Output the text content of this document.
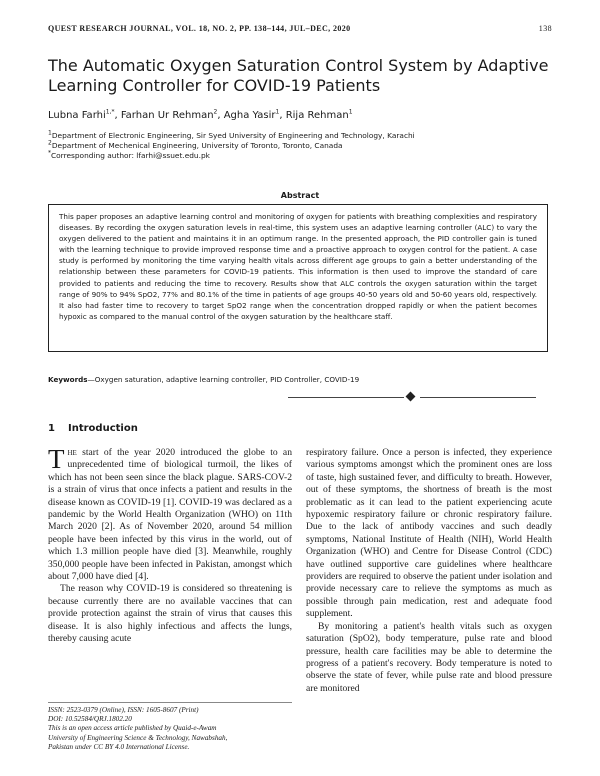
QUEST RESEARCH JOURNAL, VOL. 18, NO. 2, PP. 138–144, JUL–DEC, 2020	138
The Automatic Oxygen Saturation Control System by Adaptive Learning Controller for COVID-19 Patients
Lubna Farhi$^{1,*}$, Farhan Ur Rehman$^2$, Agha Yasir$^1$, Rija Rehman$^1$
$^1$Department of Electronic Engineering, Sir Syed University of Engineering and Technology, Karachi
$^2$Department of Mechenical Engineering, University of Toronto, Toronto, Canada
*Corresponding author: lfarhi@ssuet.edu.pk
Abstract
This paper proposes an adaptive learning control and monitoring of oxygen for patients with breathing complexities and respiratory diseases. By recording the oxygen saturation levels in real-time, this system uses an adaptive learning controller (ALC) to vary the oxygen delivered to the patient and maintains it in an optimum range. In the presented approach, the PID controller gain is tuned with the learning technique to provide improved response time and a proactive approach to oxygen control for the patient. A case study is performed by monitoring the time varying health vitals across different age groups to gain a better understanding of the relationship between these parameters for COVID-19 patients. This information is then used to improve the standard of care provided to patients and reducing the time to recovery. Results show that ALC controls the oxygen saturation within the target range of 90% to 94% SpO2, 77% and 80.1% of the time in patients of age groups 40-50 years old and 50-60 years old, respectively. It also had faster time to recovery to target SpO2 range when the concentration dropped rapidly or when the patient becomes hypoxic as compared to the manual control of the oxygen saturation by the healthcare staff.
Keywords—Oxygen saturation, adaptive learning controller, PID Controller, COVID-19
1 Introduction

The start of the year 2020 introduced the globe to an unprecedented time of biological turmoil, the likes of which has not been seen since the black plague. SARS-COV-2 is a strain of virus that once infects a patient and results in the disease known as COVID-19 [1]. COVID-19 was declared as a pandemic by the World Health Organization (WHO) on 11th March 2020 [2]. As of November 2020, around 54 million people have been infected by this virus in the world, out of which 1.3 million people have died [3]. Meanwhile, roughly 350,000 people have been infected in Pakistan, amongst which about 7,000 have died [4].

The reason why COVID-19 is considered so threatening is because currently there are no available vaccines that can provide protection against the strain of virus that causes this disease. It is also highly infectious and affects the lungs, thereby causing acute

respiratory failure. Once a person is infected, they experience various symptoms amongst which the prominent ones are loss of taste, high sustained fever, and difficulty to breath. However, out of these symptoms, the shortness of breath is the most problematic as it can lead to the patient experiencing acute hypoxemic respiratory failure or chronic respiratory failure. Due to the lack of antibody vaccines and such deadly symptoms, National Institute of Health (NIH), World Health Organization (WHO) and Centre for Disease Control (CDC) have outlined supportive care guidelines where healthcare providers are required to observe the patient under isolation and provide necessary care to relieve the symptoms as much as possible through pain medication, rest and adequate food supplement.

By monitoring a patient's health vitals such as oxygen saturation (SpO2), body temperature, pulse rate and blood pressure, health care facilities may be able to determine the progress of a patient's recovery. Body temperature is noted to observe the state of fever, while pulse rate and blood pressure are monitored

ISSN: 2523-0379 (Online), ISSN: 1605-8607 (Print)
DOI: 10.52584/QRJ.1802.20
This is an open access article published by Quaid-e-Awam
University of Engineering Science & Technology, Nawabshah,
Pakistan under CC BY 4.0 International License.
